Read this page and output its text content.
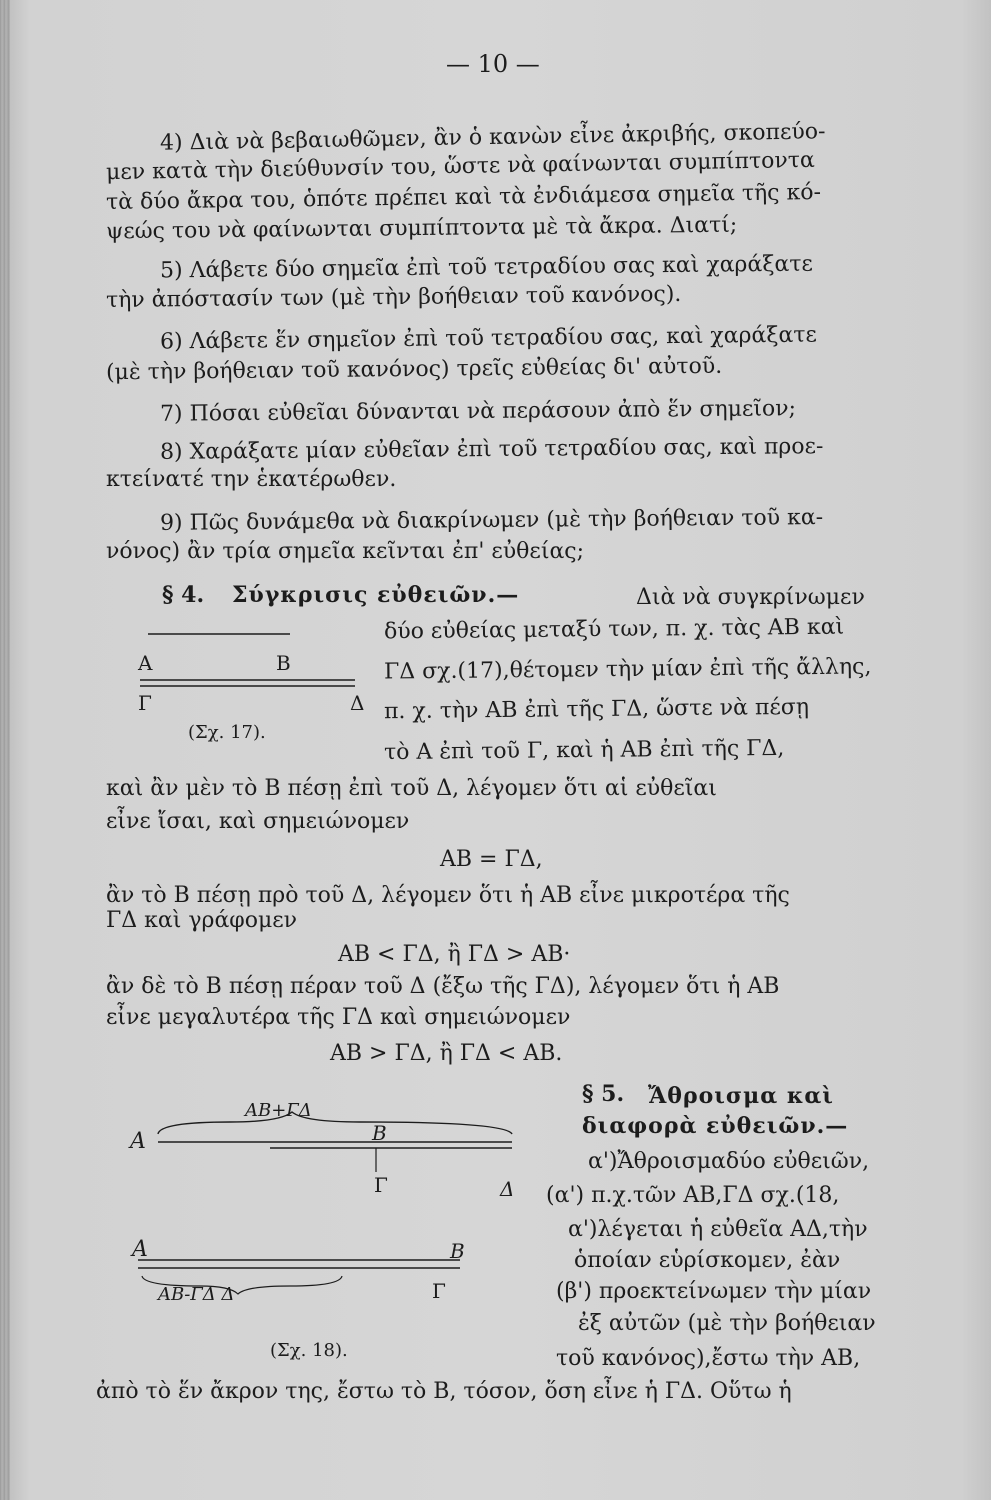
— 10 —
4) Διὰ νὰ βεβαιωθῶμεν, ἂν ὁ κανὼν εἶνε ἀκριβής, σκοπεύο-
μεν κατὰ τὴν διεύθυνσίν του, ὥστε νὰ φαίνωνται συμπίπτοντα
τὰ δύο ἄκρα του, ὁπότε πρέπει καὶ τὰ ἐνδιάμεσα σημεῖα τῆς κό-
ψεώς του νὰ φαίνωνται συμπίπτοντα μὲ τὰ ἄκρα. Διατί;
5) Λάβετε δύο σημεῖα ἐπὶ τοῦ τετραδίου σας καὶ χαράξατε
τὴν ἀπόστασίν των (μὲ τὴν βοήθειαν τοῦ κανόνος).
6) Λάβετε ἕν σημεῖον ἐπὶ τοῦ τετραδίου σας, καὶ χαράξατε
(μὲ τὴν βοήθειαν τοῦ κανόνος) τρεῖς εὐθείας δι' αὐτοῦ.
7) Πόσαι εὐθεῖαι δύνανται νὰ περάσουν ἀπὸ ἕν σημεῖον;
8) Χαράξατε μίαν εὐθεῖαν ἐπὶ τοῦ τετραδίου σας, καὶ προε-
κτείνατέ την ἑκατέρωθεν.
9) Πῶς δυνάμεθα νὰ διακρίνωμεν (μὲ τὴν βοήθειαν τοῦ κα-
νόνος) ἂν τρία σημεῖα κεῖνται ἐπ' εὐθείας;
§ 4. Σύγκρισις εὐθειῶν.—	Διὰ νὰ συγκρίνωμεν
Α	Β
Γ	Δ
(Σχ. 17).
δύο εὐθείας μεταξύ των, π. χ. τὰς ΑΒ καὶ
ΓΔ σχ.(17),θέτομεν τὴν μίαν ἐπὶ τῆς ἄλλης,
π. χ. τὴν ΑΒ ἐπὶ τῆς ΓΔ, ὥστε νὰ πέσῃ
τὸ Α ἐπὶ τοῦ Γ, καὶ ἡ ΑΒ ἐπὶ τῆς ΓΔ,
καὶ ἂν μὲν τὸ Β πέσῃ ἐπὶ τοῦ Δ, λέγομεν ὅτι αἱ εὐθεῖαι
εἶνε ἴσαι, καὶ σημειώνομεν
ΑΒ = ΓΔ,
ἂν τὸ Β πέσῃ πρὸ τοῦ Δ, λέγομεν ὅτι ἡ ΑΒ εἶνε μικροτέρα τῆς
ΓΔ καὶ γράφομεν
ΑΒ < ΓΔ, ἢ ΓΔ > ΑΒ·
ἂν δὲ τὸ Β πέσῃ πέραν τοῦ Δ (ἔξω τῆς ΓΔ), λέγομεν ὅτι ἡ ΑΒ
εἶνε μεγαλυτέρα τῆς ΓΔ καὶ σημειώνομεν
ΑΒ > ΓΔ, ἢ ΓΔ < ΑΒ.
§ 5. Ἄθροισμα καὶ
διαφορὰ εὐθειῶν.—
α')Ἄθροισμαδύο εὐθειῶν,
(α') π.χ.τῶν ΑΒ,ΓΔ σχ.(18,
α')λέγεται ἡ εὐθεῖα ΑΔ,τὴν
ὁποίαν εὑρίσκομεν, ἐὰν
(β') προεκτείνωμεν τὴν μίαν
ἐξ αὐτῶν (μὲ τὴν βοήθειαν
τοῦ κανόνος),ἔστω τὴν ΑΒ,
ΑΒ+ΓΔ
Α	Β
Γ	Δ
Α	Β
Γ
ΑΒ-ΓΔ Δ
(Σχ. 18).
ἀπὸ τὸ ἕν ἄκρον της, ἔστω τὸ Β, τόσον, ὅση εἶνε ἡ ΓΔ. Οὕτω ἡ
